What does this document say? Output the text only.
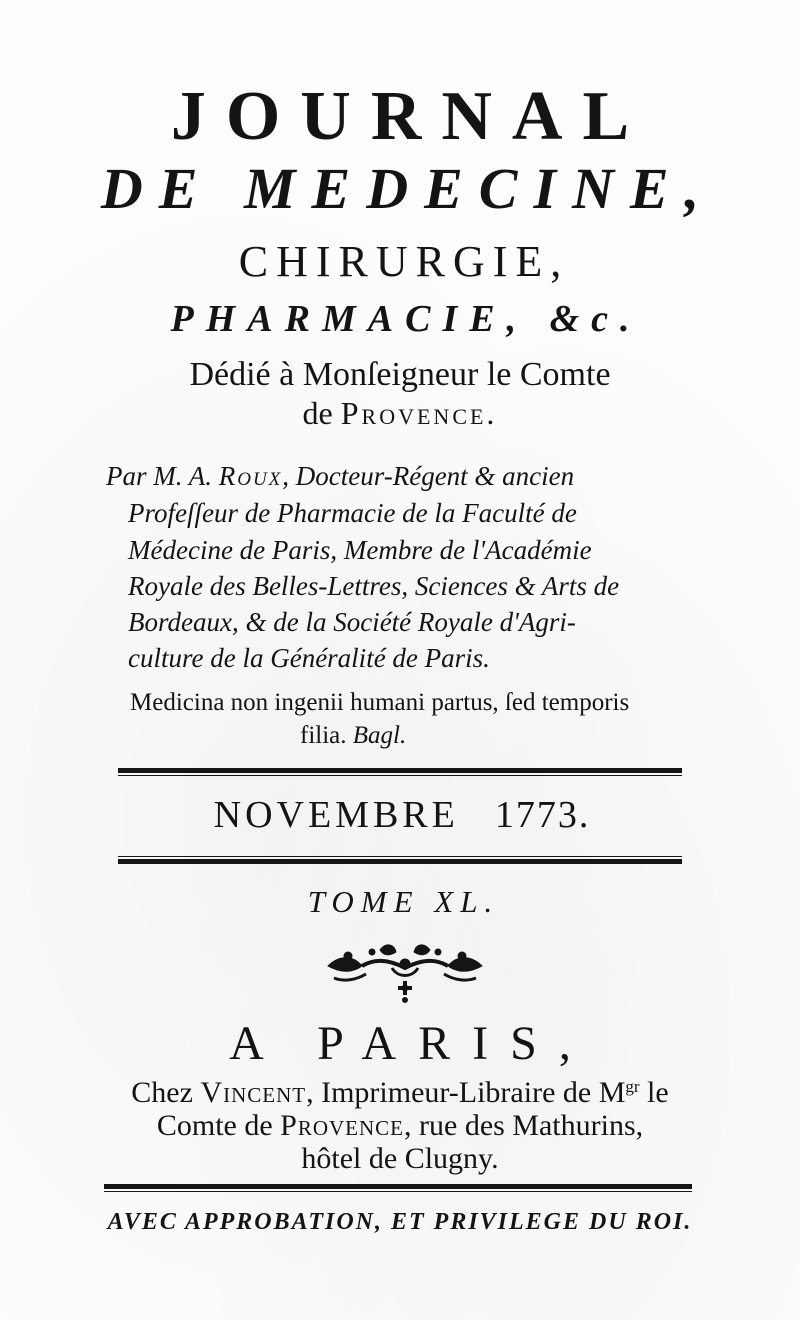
JOURNAL
DE MEDECINE,
CHIRURGIE,
PHARMACIE, &c.
Dédié à Monſeigneur le Comte
de Provence.
Par M. A. Roux, Docteur-Régent & ancien
Profeſſeur de Pharmacie de la Faculté de
Médecine de Paris, Membre de l'Académie
Royale des Belles-Lettres, Sciences & Arts de
Bordeaux, & de la Société Royale d'Agri-
culture de la Généralité de Paris.
Medicina non ingenii humani partus, ſed temporis
filia. Bagl.
NOVEMBRE 1773.
TOME XL.
A PARIS,
Chez Vincent, Imprimeur-Libraire de $M^{gr}$ le
Comte de Provence, rue des Mathurins,
hôtel de Clugny.
AVEC APPROBATION, ET PRIVILEGE DU ROI.
